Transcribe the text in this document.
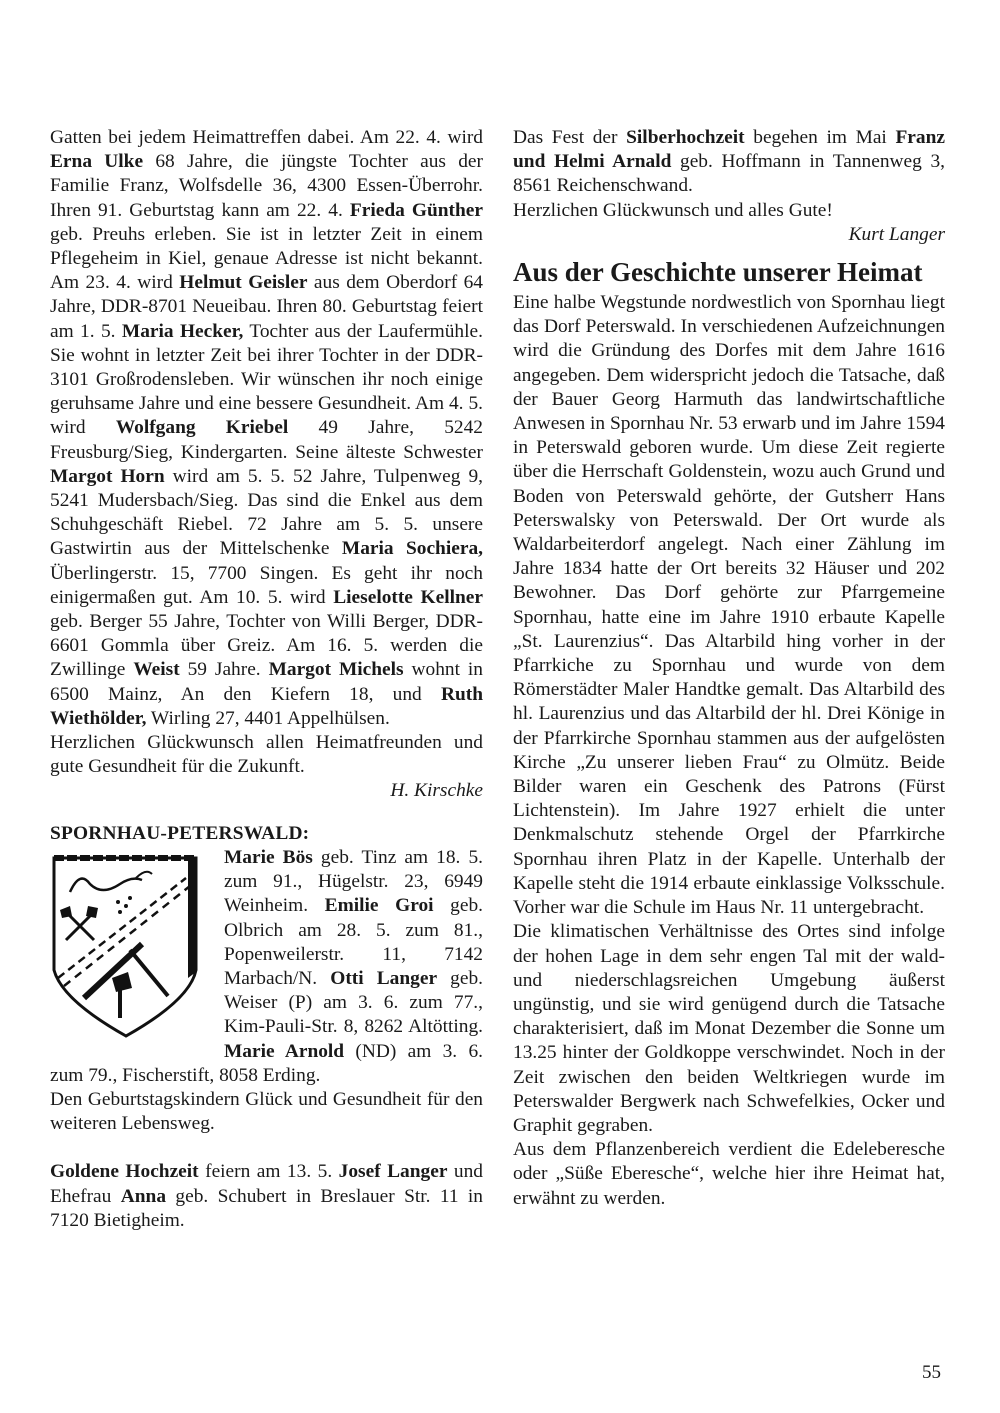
Gatten bei jedem Heimattreffen dabei. Am 22. 4. wird Erna Ulke 68 Jahre, die jüngste Tochter aus der Familie Franz, Wolfsdelle 36, 4300 Essen-Überrohr. Ihren 91. Geburtstag kann am 22. 4. Frieda Günther geb. Preuhs erleben. Sie ist in letzter Zeit in einem Pflegeheim in Kiel, genaue Adresse ist nicht bekannt. Am 23. 4. wird Helmut Geisler aus dem Oberdorf 64 Jahre, DDR-8701 Neueibau. Ihren 80. Geburtstag feiert am 1. 5. Maria Hecker, Tochter aus der Laufermühle. Sie wohnt in letzter Zeit bei ihrer Tochter in der DDR-3101 Großrodensleben. Wir wünschen ihr noch einige geruhsame Jahre und eine bessere Gesundheit. Am 4. 5. wird Wolfgang Kriebel 49 Jahre, 5242 Freusburg/Sieg, Kindergarten. Seine älteste Schwester Margot Horn wird am 5. 5. 52 Jahre, Tulpenweg 9, 5241 Mudersbach/Sieg. Das sind die Enkel aus dem Schuhgeschäft Riebel. 72 Jahre am 5. 5. unsere Gastwirtin aus der Mittelschenke Maria Sochiera, Überlingerstr. 15, 7700 Singen. Es geht ihr noch einigermaßen gut. Am 10. 5. wird Lieselotte Kellner geb. Berger 55 Jahre, Tochter von Willi Berger, DDR-6601 Gommla über Greiz. Am 16. 5. werden die Zwillinge Weist 59 Jahre. Margot Michels wohnt in 6500 Mainz, An den Kiefern 18, und Ruth Wiethölder, Wirling 27, 4401 Appelhülsen.

Herzlichen Glückwunsch allen Heimatfreunden und gute Gesundheit für die Zukunft.

H. Kirschke

SPORNHAU-PETERSWALD:

Marie Bös geb. Tinz am 18. 5. zum 91., Hügelstr. 23, 6949 Weinheim. Emilie Groi geb. Olbrich am 28. 5. zum 81., Popenweilerstr. 11, 7142 Marbach/N. Otti Langer geb. Weiser (P) am 3. 6. zum 77., Kim-Pauli-Str. 8, 8262 Altötting. Marie Arnold (ND) am 3. 6. zum 79., Fischerstift, 8058 Erding.

Den Geburtstagskindern Glück und Gesundheit für den weiteren Lebensweg.

Goldene Hochzeit feiern am 13. 5. Josef Langer und Ehefrau Anna geb. Schubert in Breslauer Str. 11 in 7120 Bietigheim.

Das Fest der Silberhochzeit begehen im Mai Franz und Helmi Arnald geb. Hoffmann in Tannenweg 3, 8561 Reichenschwand.

Herzlichen Glückwunsch und alles Gute!

Kurt Langer

Aus der Geschichte unserer Heimat

Eine halbe Wegstunde nordwestlich von Spornhau liegt das Dorf Peterswald. In verschiedenen Aufzeichnungen wird die Gründung des Dorfes mit dem Jahre 1616 angegeben. Dem widerspricht jedoch die Tatsache, daß der Bauer Georg Harmuth das landwirtschaftliche Anwesen in Spornhau Nr. 53 erwarb und im Jahre 1594 in Peterswald geboren wurde. Um diese Zeit regierte über die Herrschaft Goldenstein, wozu auch Grund und Boden von Peterswald gehörte, der Gutsherr Hans Peterswalsky von Peterswald. Der Ort wurde als Waldarbeiterdorf angelegt. Nach einer Zählung im Jahre 1834 hatte der Ort bereits 32 Häuser und 202 Bewohner. Das Dorf gehörte zur Pfarrgemeine Spornhau, hatte eine im Jahre 1910 erbaute Kapelle „St. Laurenzius“. Das Altarbild hing vorher in der Pfarrkiche zu Spornhau und wurde von dem Römerstädter Maler Handtke gemalt. Das Altarbild des hl. Laurenzius und das Altarbild der hl. Drei Könige in der Pfarrkirche Spornhau stammen aus der aufgelösten Kirche „Zu unserer lieben Frau“ zu Olmütz. Beide Bilder waren ein Geschenk des Patrons (Fürst Lichtenstein). Im Jahre 1927 erhielt die unter Denkmalschutz stehende Orgel der Pfarrkirche Spornhau ihren Platz in der Kapelle. Unterhalb der Kapelle steht die 1914 erbaute einklassige Volksschule. Vorher war die Schule im Haus Nr. 11 untergebracht.

Die klimatischen Verhältnisse des Ortes sind infolge der hohen Lage in dem sehr engen Tal mit der wald- und niederschlagsreichen Umgebung äußerst ungünstig, und sie wird genügend durch die Tatsache charakterisiert, daß im Monat Dezember die Sonne um 13.25 hinter der Goldkoppe verschwindet. Noch in der Zeit zwischen den beiden Weltkriegen wurde im Peterswalder Bergwerk nach Schwefelkies, Ocker und Graphit gegraben.

Aus dem Pflanzenbereich verdient die Edeleberesche oder „Süße Eberesche“, welche hier ihre Heimat hat, erwähnt zu werden.

55
